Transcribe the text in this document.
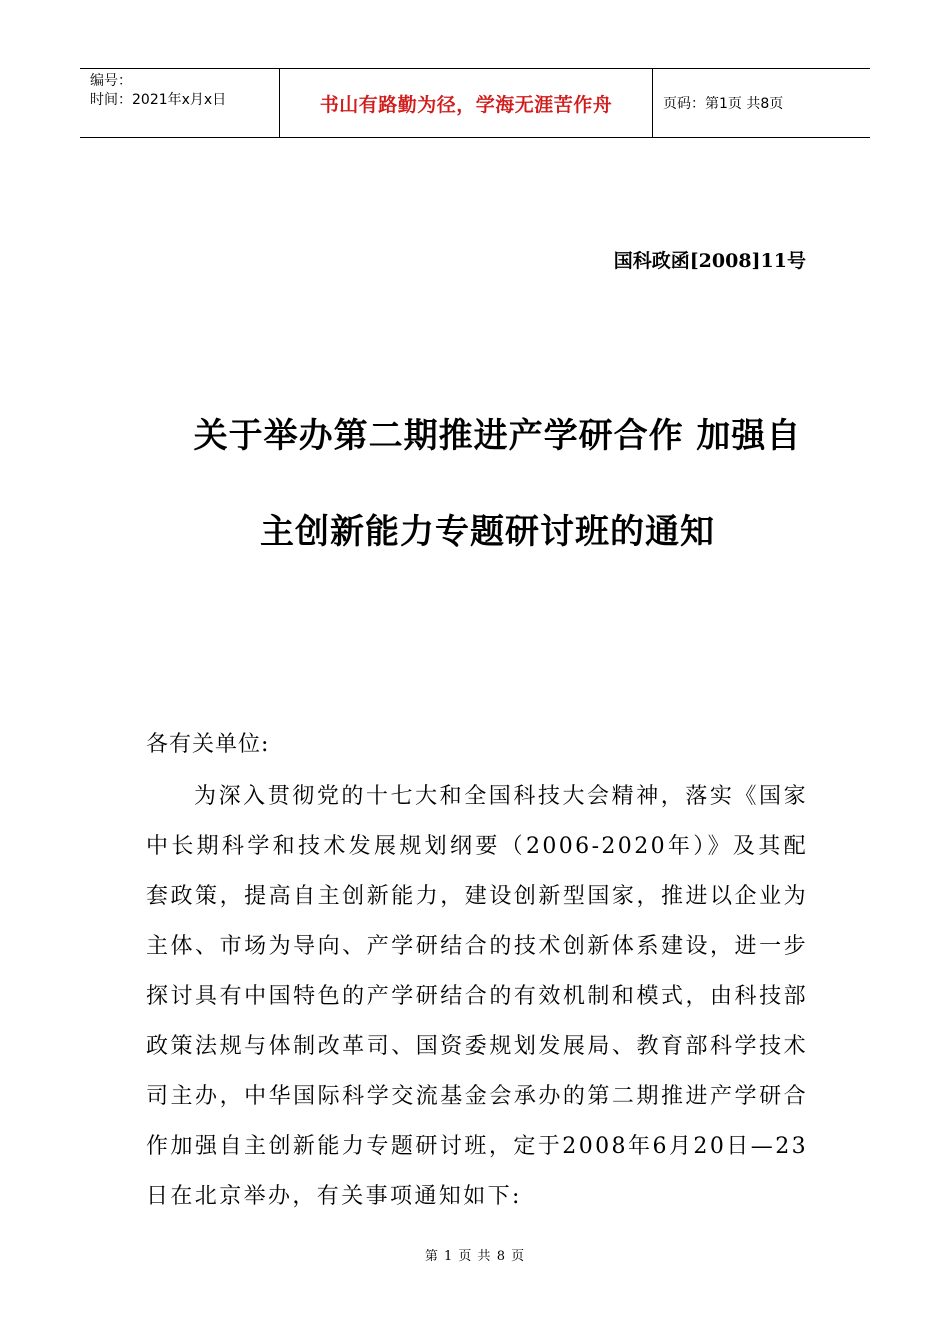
编号：
时间：2021年x月x日	书山有路勤为径，学海无涯苦作舟	页码：第1页 共8页
国科政函[2008]11号
关于举办第二期推进产学研合作 加强自
主创新能力专题研讨班的通知
各有关单位:
为深入贯彻党的十七大和全国科技大会精神，落实《国家中长期科学和技术发展规划纲要（2006-2020年）》及其配套政策，提高自主创新能力，建设创新型国家，推进以企业为主体、市场为导向、产学研结合的技术创新体系建设，进一步探讨具有中国特色的产学研结合的有效机制和模式，由科技部政策法规与体制改革司、国资委规划发展局、教育部科学技术司主办，中华国际科学交流基金会承办的第二期推进产学研合作加强自主创新能力专题研讨班，定于2008年6月20日—23日在北京举办，有关事项通知如下:
第 1 页 共 8 页
